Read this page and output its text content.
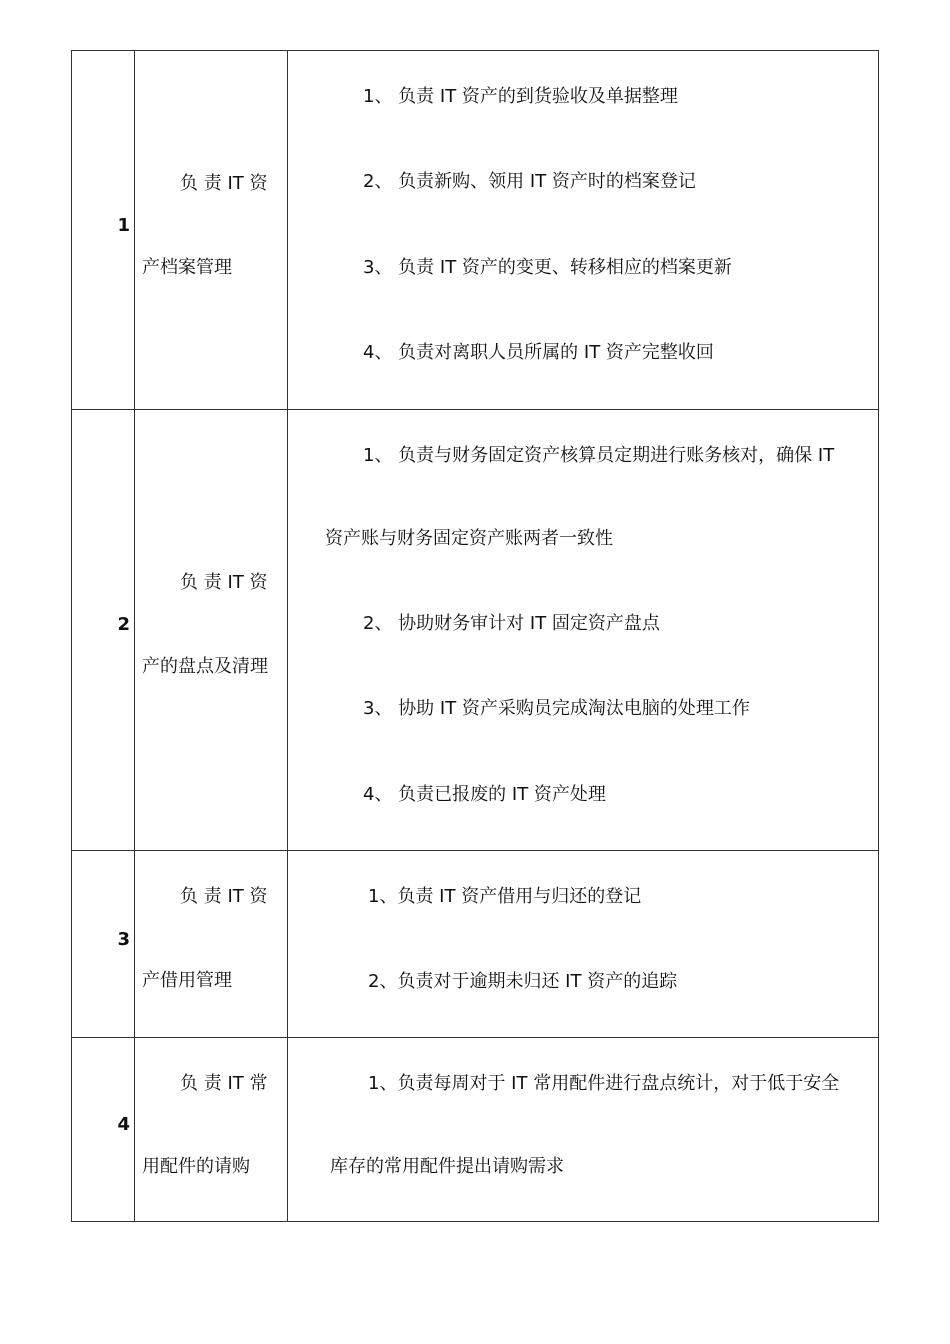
1
负 责 IT 资
产档案管理
1、 负责 IT 资产的到货验收及单据整理
2、 负责新购、领用 IT 资产时的档案登记
3、 负责 IT 资产的变更、转移相应的档案更新
4、 负责对离职人员所属的 IT 资产完整收回
2
负 责 IT 资
产的盘点及清理
1、 负责与财务固定资产核算员定期进行账务核对，确保 IT
资产账与财务固定资产账两者一致性
2、 协助财务审计对 IT 固定资产盘点
3、 协助 IT 资产采购员完成淘汰电脑的处理工作
4、 负责已报废的 IT 资产处理
3
负 责 IT 资
产借用管理
1、负责 IT 资产借用与归还的登记
2、负责对于逾期未归还 IT 资产的追踪
4
负 责 IT 常
用配件的请购
1、负责每周对于 IT 常用配件进行盘点统计，对于低于安全
库存的常用配件提出请购需求
